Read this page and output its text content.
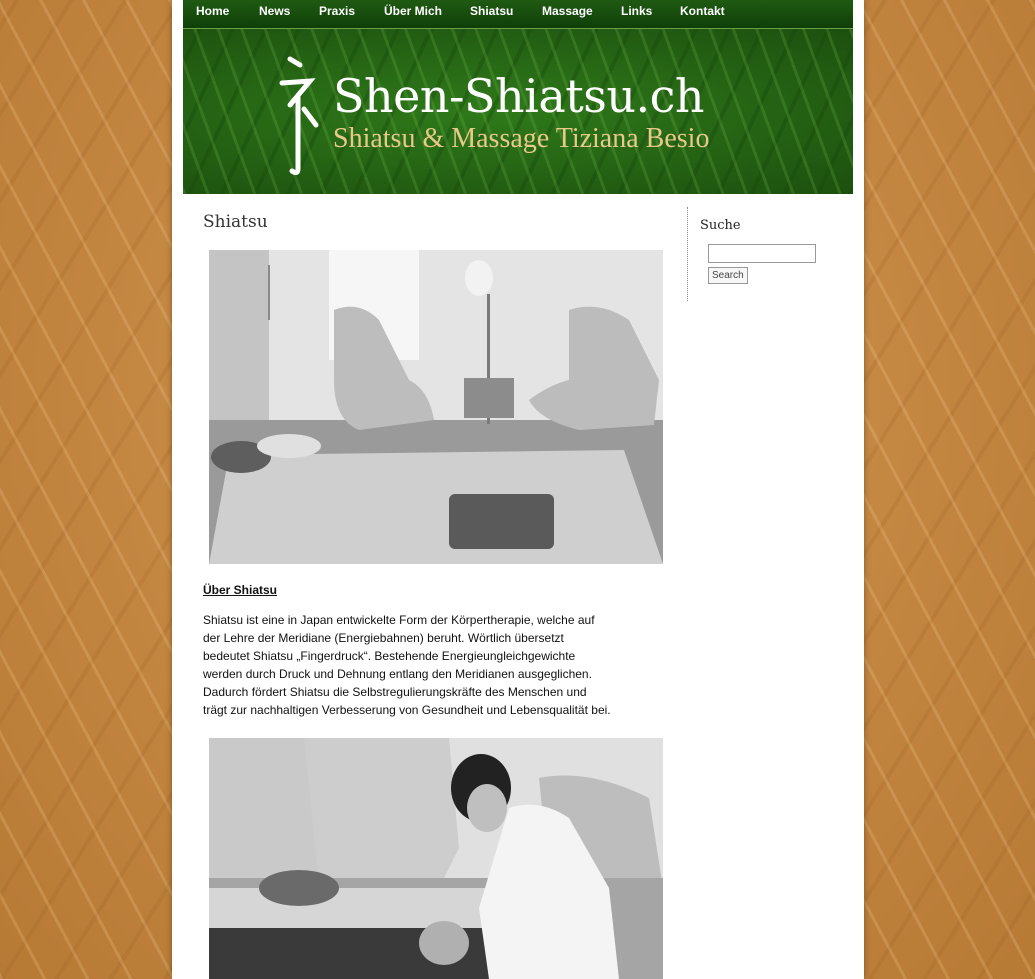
Home News Praxis Über Mich Shiatsu Massage Links Kontakt
Shen-Shiatsu.ch
Shiatsu & Massage Tiziana Besio
Shiatsu
Über Shiatsu
Shiatsu ist eine in Japan entwickelte Form der Körpertherapie, welche auf
der Lehre der Meridiane (Energiebahnen) beruht. Wörtlich übersetzt
bedeutet Shiatsu „Fingerdruck“. Bestehende Energieungleichgewichte
werden durch Druck und Dehnung entlang den Meridianen ausgeglichen.
Dadurch fördert Shiatsu die Selbstregulierungskräfte des Menschen und
trägt zur nachhaltigen Verbesserung von Gesundheit und Lebensqualität bei.
Suche
Search
